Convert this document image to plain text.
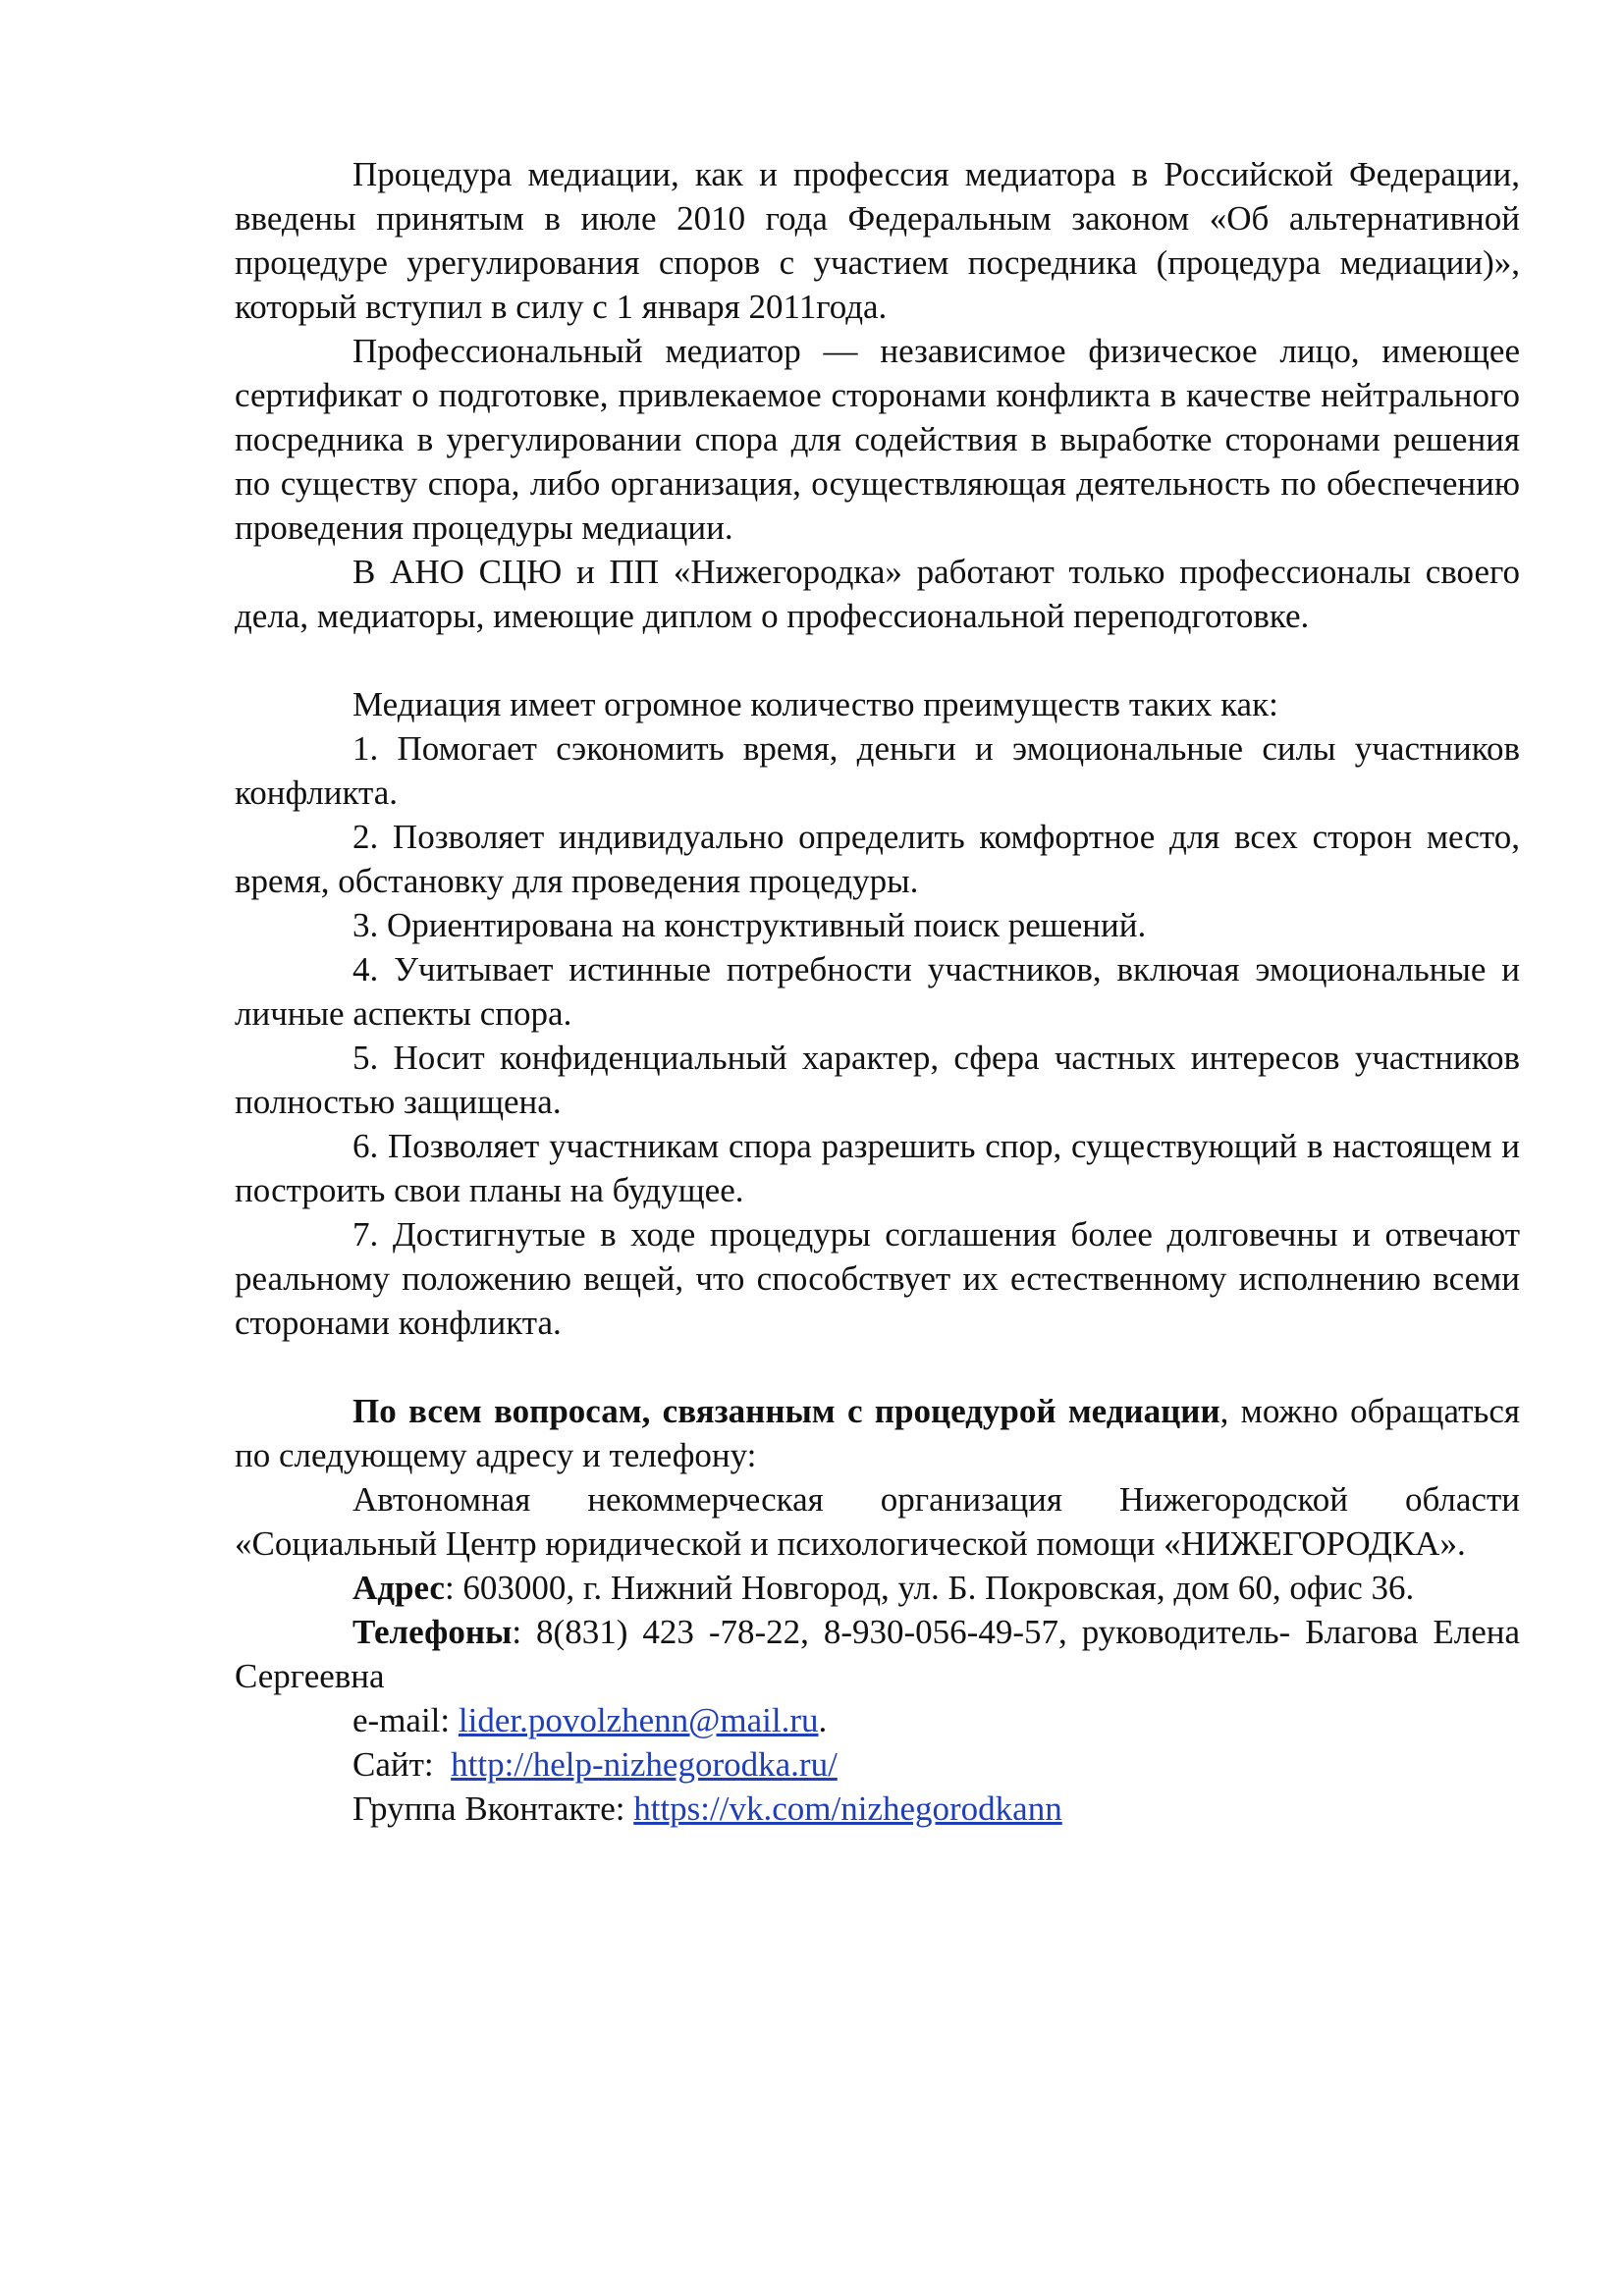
Процедура медиации, как и профессия медиатора в Российской Федерации, введены принятым в июле 2010 года Федеральным законом «Об альтернативной процедуре урегулирования споров с участием посредника (процедура медиации)», который вступил в силу с 1 января 2011года.

Профессиональный медиатор — независимое физическое лицо, имеющее сертификат о подготовке, привлекаемое сторонами конфликта в качестве нейтрального посредника в урегулировании спора для содействия в выработке сторонами решения по существу спора, либо организация, осуществляющая деятельность по обеспечению проведения процедуры медиации.

В АНО СЦЮ и ПП «Нижегородка» работают только профессионалы своего дела, медиаторы, имеющие диплом о профессиональной переподготовке.

Медиация имеет огромное количество преимуществ таких как:

1. Помогает сэкономить время, деньги и эмоциональные силы участников конфликта.

2. Позволяет индивидуально определить комфортное для всех сторон место, время, обстановку для проведения процедуры.

3. Ориентирована на конструктивный поиск решений.

4. Учитывает истинные потребности участников, включая эмоциональные и личные аспекты спора.

5. Носит конфиденциальный характер, сфера частных интересов участников полностью защищена.

6. Позволяет участникам спора разрешить спор, существующий в настоящем и построить свои планы на будущее.

7. Достигнутые в ходе процедуры соглашения более долговечны и отвечают реальному положению вещей, что способствует их естественному исполнению всеми сторонами конфликта.

По всем вопросам, связанным с процедурой медиации, можно обращаться по следующему адресу и телефону:

Автономная некоммерческая организация Нижегородской области «Социальный Центр юридической и психологической помощи «НИЖЕГОРОДКА».

Адрес: 603000, г. Нижний Новгород, ул. Б. Покровская, дом 60, офис 36.

Телефоны: 8(831) 423 -78-22, 8-930-056-49-57, руководитель- Благова Елена Сергеевна

e-mail: lider.povolzhenn@mail.ru.

Сайт:  http://help-nizhegorodka.ru/

Группа Вконтакте: https://vk.com/nizhegorodkann
